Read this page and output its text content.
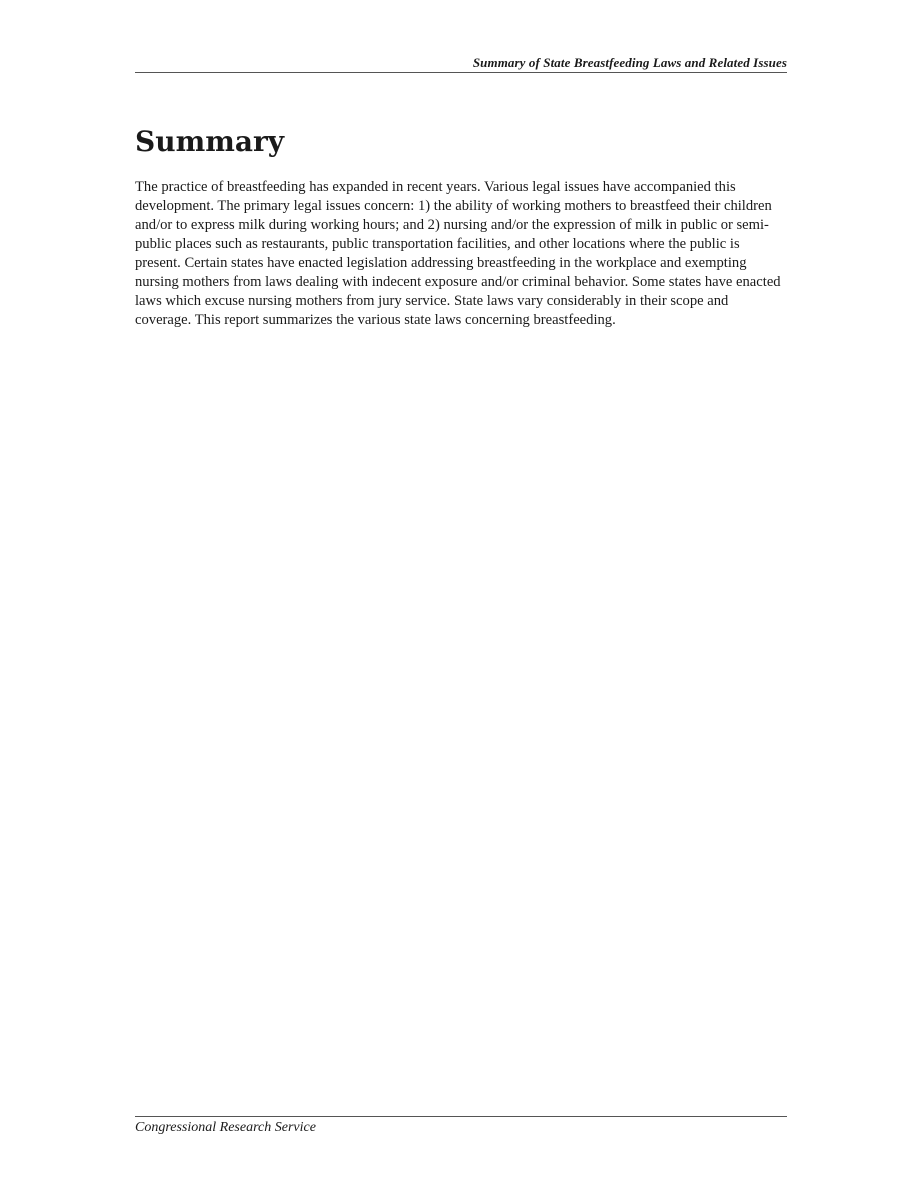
Summary of State Breastfeeding Laws and Related Issues
Summary

The practice of breastfeeding has expanded in recent years. Various legal issues have accompanied this development. The primary legal issues concern: 1) the ability of working mothers to breastfeed their children and/or to express milk during working hours; and 2) nursing and/or the expression of milk in public or semi-public places such as restaurants, public transportation facilities, and other locations where the public is present. Certain states have enacted legislation addressing breastfeeding in the workplace and exempting nursing mothers from laws dealing with indecent exposure and/or criminal behavior. Some states have enacted laws which excuse nursing mothers from jury service. State laws vary considerably in their scope and coverage. This report summarizes the various state laws concerning breastfeeding.

Congressional Research Service
